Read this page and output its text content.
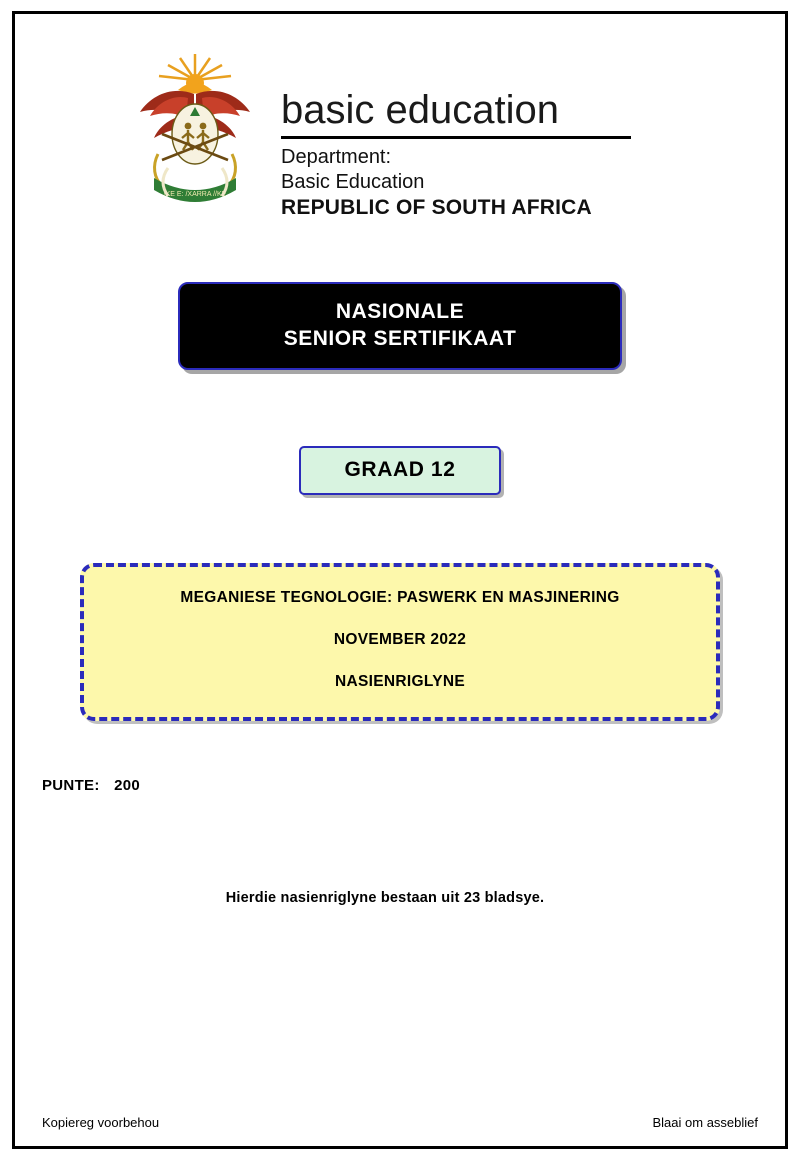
!KE E: /XARRA //KE
basic education
Department:
Basic Education
REPUBLIC OF SOUTH AFRICA
NASIONALE
SENIOR SERTIFIKAAT
GRAAD 12

MEGANIESE TEGNOLOGIE: PASWERK EN MASJINERING

NOVEMBER 2022

NASIENRIGLYNE

PUNTE: 200
Hierdie nasienriglyne bestaan uit 23 bladsye.
Kopiereg voorbehou	Blaai om asseblief
